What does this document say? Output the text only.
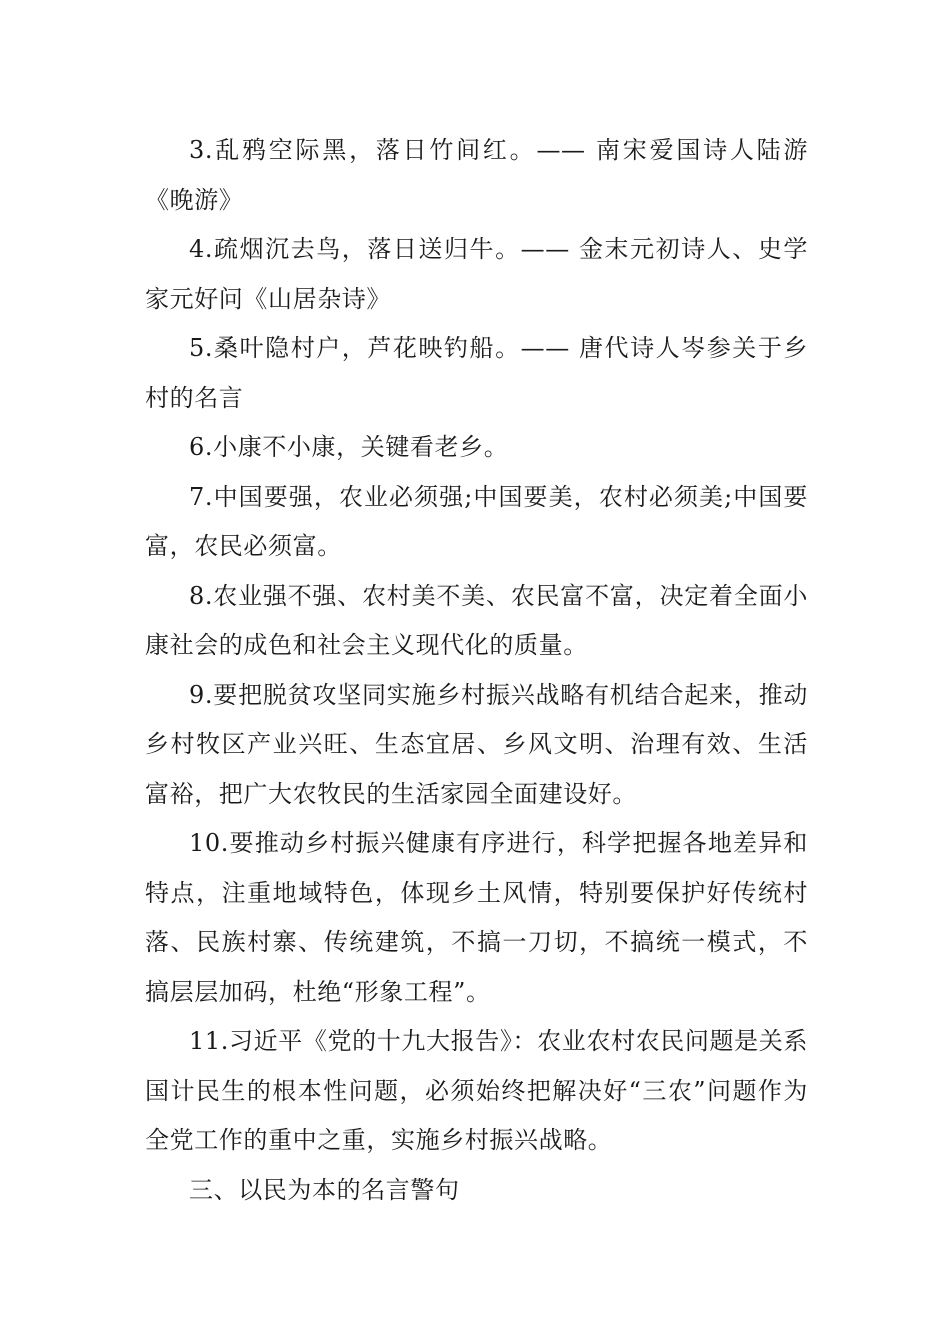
3.乱鸦空际黑，落日竹间红。—— 南宋爱国诗人陆游《晚游》

4.疏烟沉去鸟，落日送归牛。—— 金末元初诗人、史学家元好问《山居杂诗》

5.桑叶隐村户，芦花映钓船。—— 唐代诗人岑参关于乡村的名言

6.小康不小康，关键看老乡。

7.中国要强，农业必须强;中国要美，农村必须美;中国要富，农民必须富。

8.农业强不强、农村美不美、农民富不富，决定着全面小康社会的成色和社会主义现代化的质量。

9.要把脱贫攻坚同实施乡村振兴战略有机结合起来，推动乡村牧区产业兴旺、生态宜居、乡风文明、治理有效、生活富裕，把广大农牧民的生活家园全面建设好。

10.要推动乡村振兴健康有序进行，科学把握各地差异和特点，注重地域特色，体现乡土风情，特别要保护好传统村落、民族村寨、传统建筑，不搞一刀切，不搞统一模式，不搞层层加码，杜绝“形象工程”。

11.习近平《党的十九大报告》：农业农村农民问题是关系国计民生的根本性问题，必须始终把解决好“三农”问题作为全党工作的重中之重，实施乡村振兴战略。

三、以民为本的名言警句
